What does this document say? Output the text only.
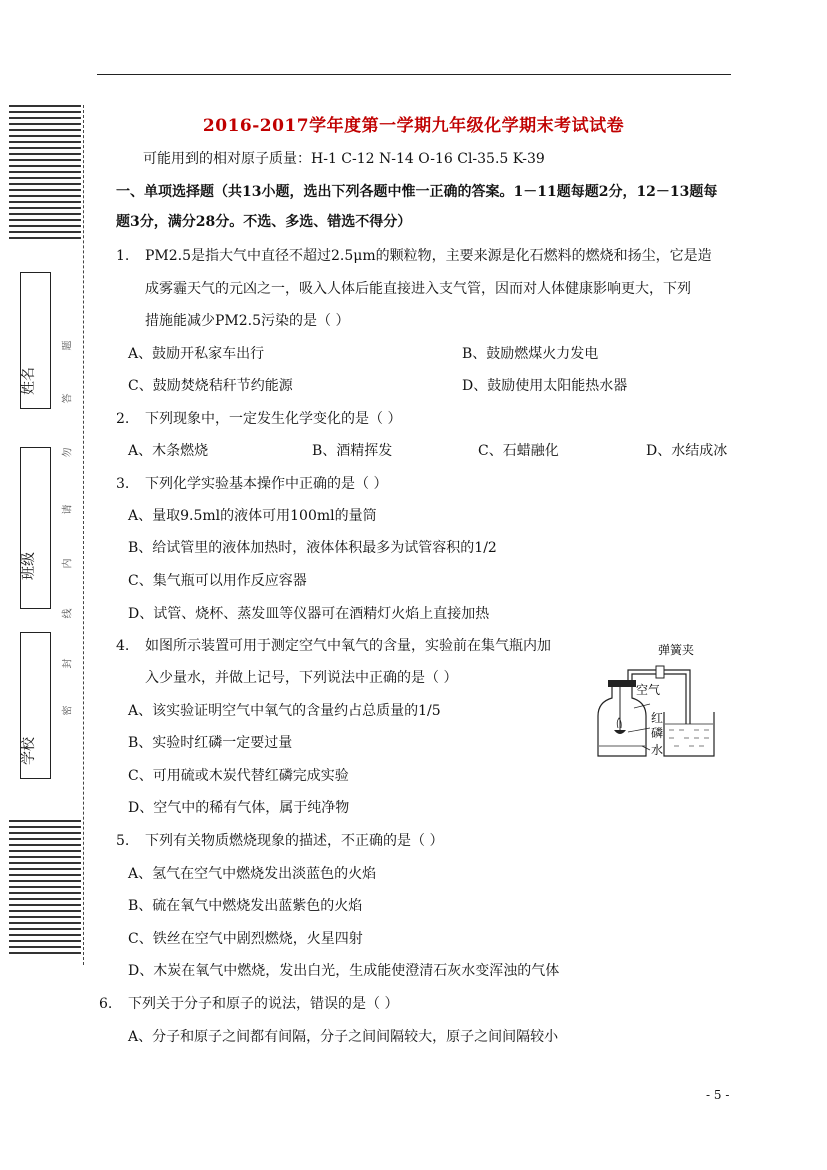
姓名
班级
学校
题
答
勿
请
内
线
封
密
2016-2017学年度第一学期九年级化学期末考试试卷
可能用到的相对原子质量：H-1 C-12 N-14 O-16 Cl-35.5 K-39
一、单项选择题（共13小题，选出下列各题中惟一正确的答案。1－11题每题2分，12－13题每
题3分，满分28分。不选、多选、错选不得分）
1. PM2.5是指大气中直径不超过2.5μm的颗粒物，主要来源是化石燃料的燃烧和扬尘，它是造
成雾霾天气的元凶之一，吸入人体后能直接进入支气管，因而对人体健康影响更大，下列
措施能减少PM2.5污染的是（ ）
A、鼓励开私家车出行	B、鼓励燃煤火力发电
C、鼓励焚烧秸秆节约能源	D、鼓励使用太阳能热水器
2. 下列现象中，一定发生化学变化的是（ ）
A、木条燃烧	B、酒精挥发	C、石蜡融化	D、水结成冰
3. 下列化学实验基本操作中正确的是（ ）
A、量取9.5ml的液体可用100ml的量筒
B、给试管里的液体加热时，液体体积最多为试管容积的1/2
C、集气瓶可以用作反应容器
D、试管、烧杯、蒸发皿等仪器可在酒精灯火焰上直接加热
4. 如图所示装置可用于测定空气中氧气的含量，实验前在集气瓶内加
入少量水，并做上记号，下列说法中正确的是（ ）
A、该实验证明空气中氧气的含量约占总质量的1/5
B、实验时红磷一定要过量
C、可用硫或木炭代替红磷完成实验
D、空气中的稀有气体，属于纯净物
弹簧夹
空气
红
磷
水
5. 下列有关物质燃烧现象的描述，不正确的是（ ）
A、氢气在空气中燃烧发出淡蓝色的火焰
B、硫在氧气中燃烧发出蓝紫色的火焰
C、铁丝在空气中剧烈燃烧，火星四射
D、木炭在氧气中燃烧，发出白光，生成能使澄清石灰水变浑浊的气体
6. 下列关于分子和原子的说法，错误的是（ ）
A、分子和原子之间都有间隔，分子之间间隔较大，原子之间间隔较小
- 5 -
